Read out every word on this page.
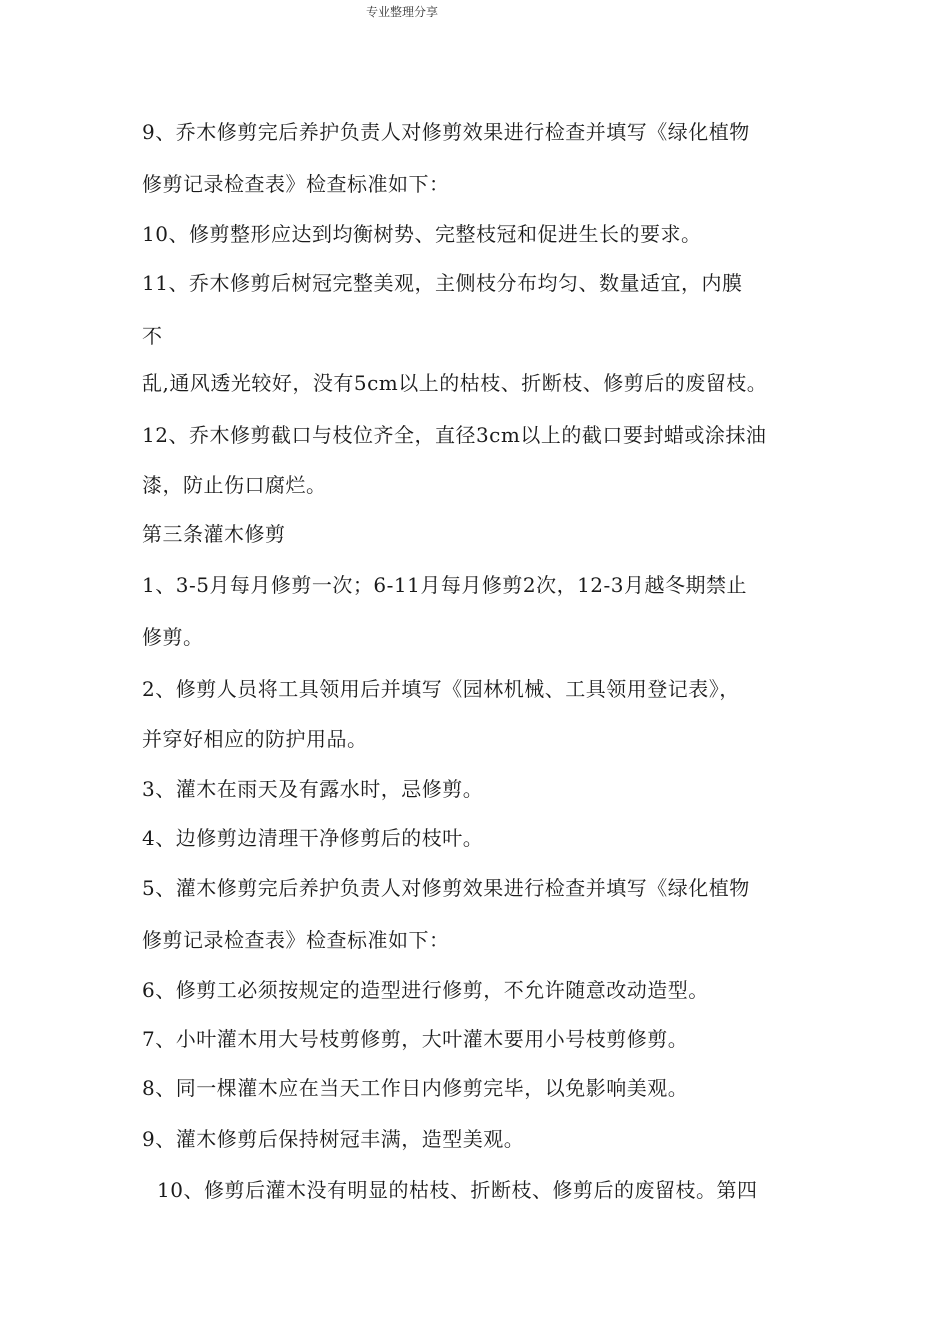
专业整理分享
9、乔木修剪完后养护负责人对修剪效果进行检查并填写《绿化植物
修剪记录检查表》检查标准如下：
10、修剪整形应达到均衡树势、完整枝冠和促进生长的要求。
11、乔木修剪后树冠完整美观，主侧枝分布均匀、数量适宜，内膜
不
乱,通风透光较好，没有5cm以上的枯枝、折断枝、修剪后的废留枝。
12、乔木修剪截口与枝位齐全，直径3cm以上的截口要封蜡或涂抹油
漆，防止伤口腐烂。
第三条灌木修剪
1、3-5月每月修剪一次；6-11月每月修剪2次，12-3月越冬期禁止
修剪。
2、修剪人员将工具领用后并填写《园林机械、工具领用登记表》，
并穿好相应的防护用品。
3、灌木在雨天及有露水时，忌修剪。
4、边修剪边清理干净修剪后的枝叶。
5、灌木修剪完后养护负责人对修剪效果进行检查并填写《绿化植物
修剪记录检查表》检查标准如下：
6、修剪工必须按规定的造型进行修剪，不允许随意改动造型。
7、小叶灌木用大号枝剪修剪，大叶灌木要用小号枝剪修剪。
8、同一棵灌木应在当天工作日内修剪完毕，以免影响美观。
9、灌木修剪后保持树冠丰满，造型美观。
10、修剪后灌木没有明显的枯枝、折断枝、修剪后的废留枝。第四
